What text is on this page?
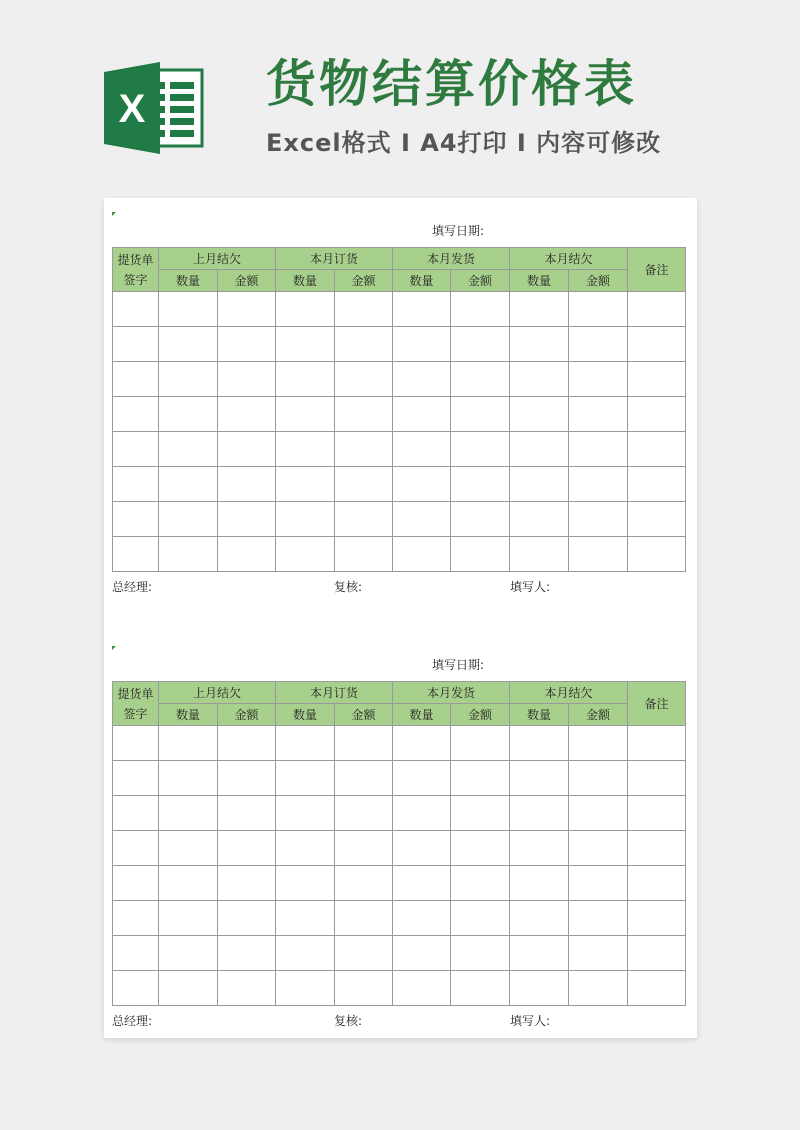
X 货物结算价格表
Excel格式 I A4打印 I 内容可修改
填写日期:
提货单签字	上月结欠		本月订货		本月发货		本月结欠		备注
	数量	金额	数量	金额	数量	金额	数量	金额	

总经理:	复核:	填写人:
填写日期:
提货单签字	上月结欠		本月订货		本月发货		本月结欠		备注
	数量	金额	数量	金额	数量	金额	数量	金额	

总经理:	复核:	填写人:
